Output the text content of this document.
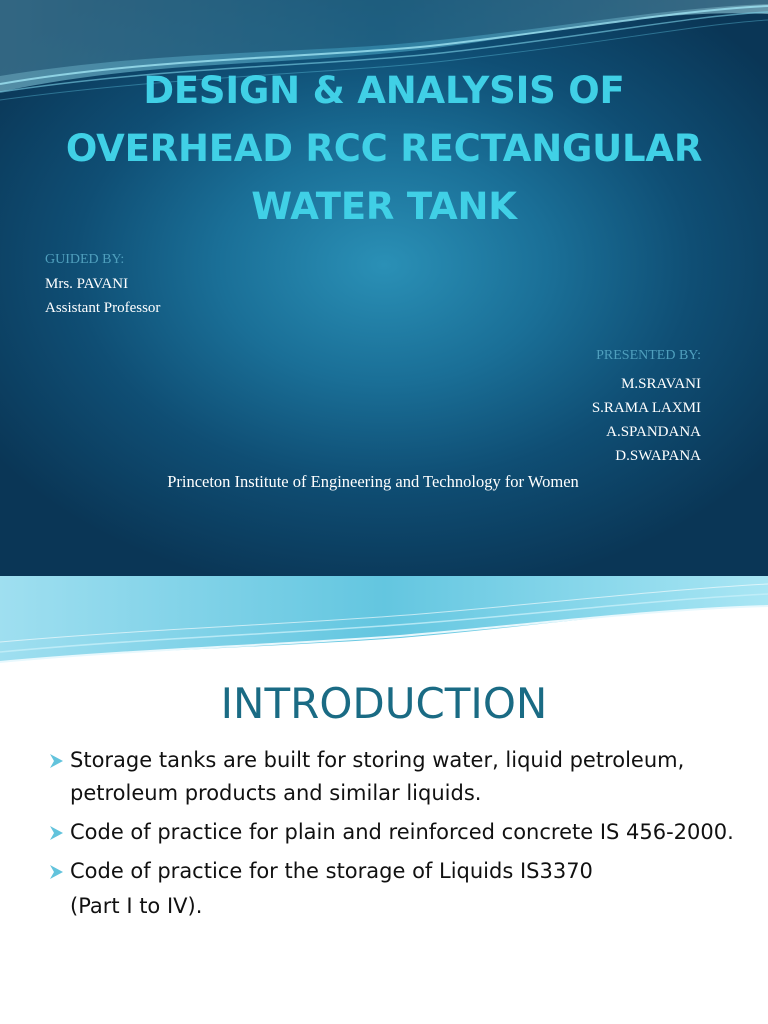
DESIGN & ANALYSIS OF
OVERHEAD RCC RECTANGULAR
WATER TANK
GUIDED BY:
Mrs. PAVANI
Assistant Professor
PRESENTED BY:
M.SRAVANI
S.RAMA LAXMI
A.SPANDANA
D.SWAPANA
Princeton Institute of Engineering and Technology for Women
INTRODUCTION
Storage tanks are built for storing water, liquid petroleum, petroleum products and similar liquids.
Code of practice for plain and reinforced concrete IS 456-2000.
Code of practice for the storage of Liquids IS3370
(Part I to IV).
